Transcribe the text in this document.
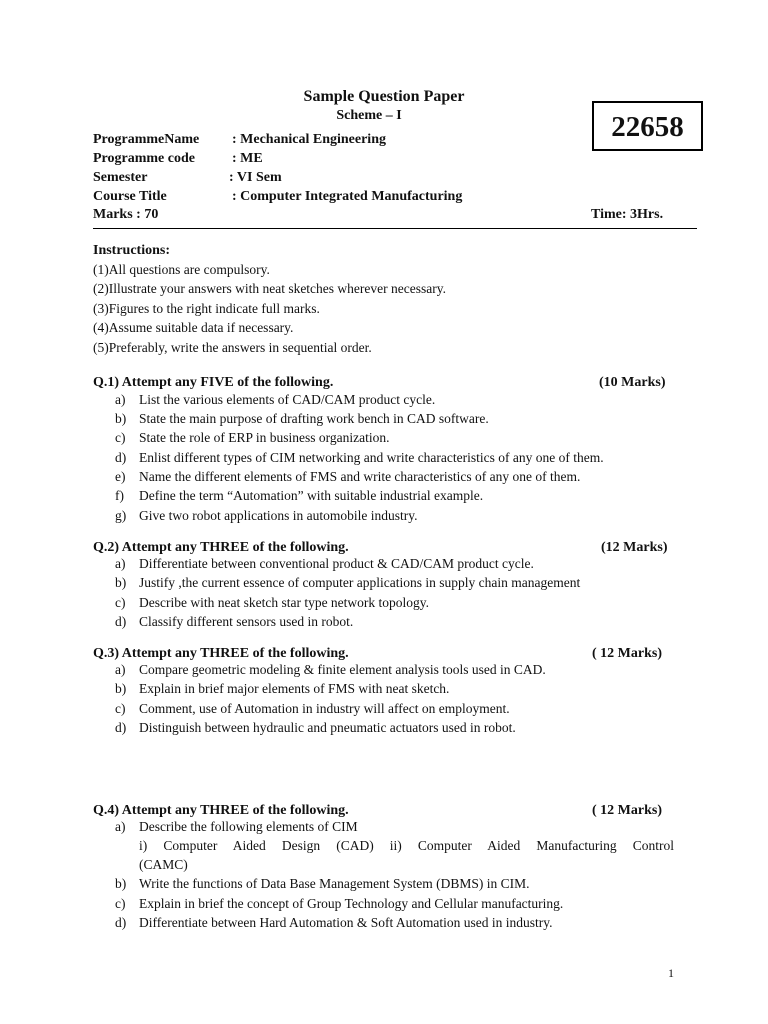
Sample Question Paper
Scheme – I	22658
ProgrammeName : Mechanical Engineering
Programme code	: ME
Semester	: VI Sem
Course Title	: Computer Integrated Manufacturing
Marks : 70	Time: 3Hrs.
Instructions:
(1)All questions are compulsory.
(2)Illustrate your answers with neat sketches wherever necessary.
(3)Figures to the right indicate full marks.
(4)Assume suitable data if necessary.
(5)Preferably, write the answers in sequential order.
Q.1) Attempt any FIVE of the following.	(10 Marks)
a) List the various elements of CAD/CAM product cycle.
b) State the main purpose of drafting work bench in CAD software.
c) State the role of ERP in business organization.
d) Enlist different types of CIM networking and write characteristics of any one of them.
e) Name the different elements of FMS and write characteristics of any one of them.
f) Define the term “Automation” with suitable industrial example.
g) Give two robot applications in automobile industry.
Q.2) Attempt any THREE of the following.	(12 Marks)
a) Differentiate between conventional product & CAD/CAM product cycle.
b) Justify ,the current essence of computer applications in supply chain management
c) Describe with neat sketch star type network topology.
d) Classify different sensors used in robot.
Q.3) Attempt any THREE of the following.	( 12 Marks)
a) Compare geometric modeling & finite element analysis tools used in CAD.
b) Explain in brief major elements of FMS with neat sketch.
c) Comment, use of Automation in industry will affect on employment.
d) Distinguish between hydraulic and pneumatic actuators used in robot.
Q.4) Attempt any THREE of the following.	( 12 Marks)
a) Describe the following elements of CIM
i) Computer Aided Design (CAD) ii) Computer Aided Manufacturing Control
(CAMC)
b) Write the functions of Data Base Management System (DBMS) in CIM.
c) Explain in brief the concept of Group Technology and Cellular manufacturing.
d) Differentiate between Hard Automation & Soft Automation used in industry.
1
